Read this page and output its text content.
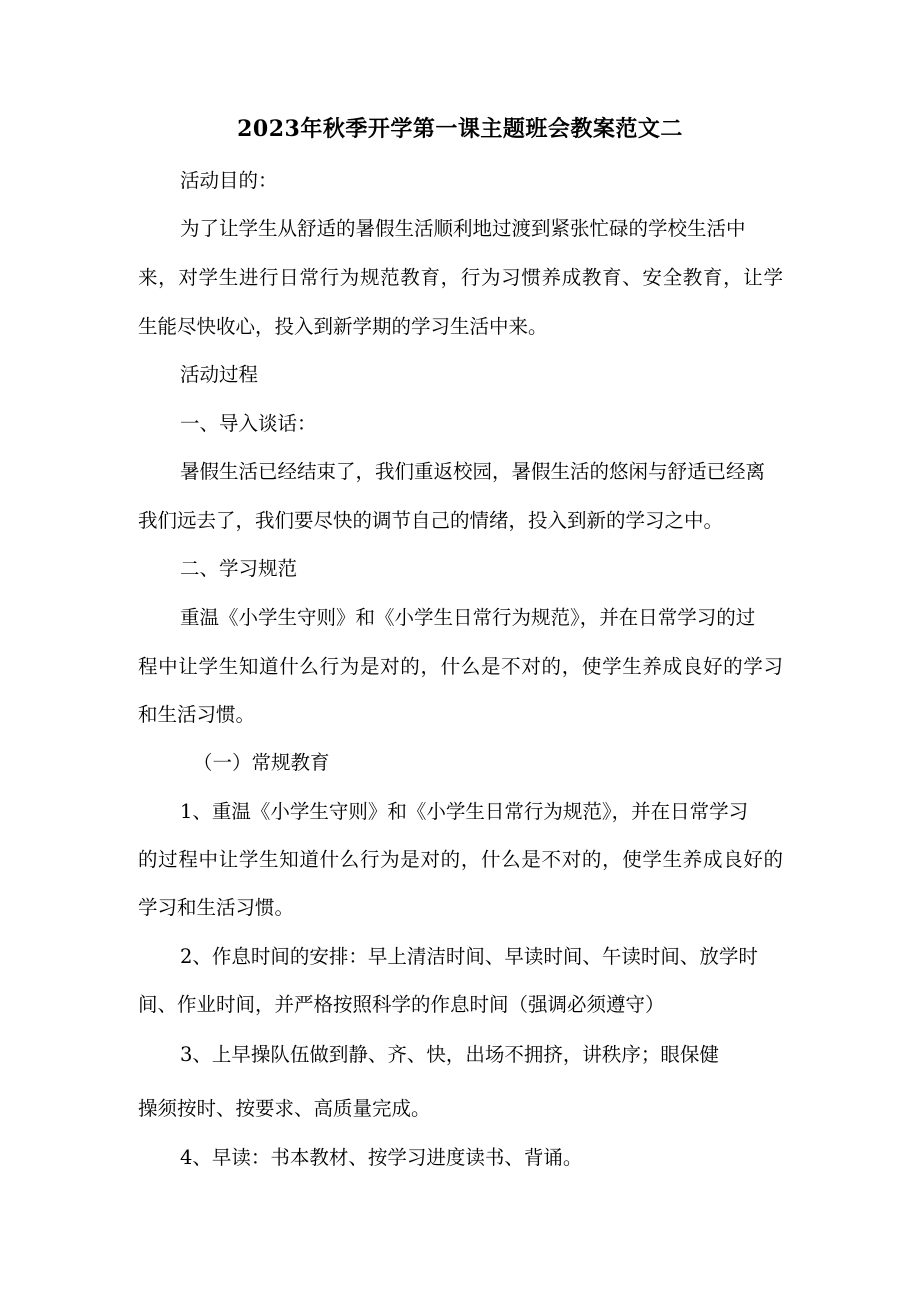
2023年秋季开学第一课主题班会教案范文二
活动目的：
为了让学生从舒适的暑假生活顺利地过渡到紧张忙碌的学校生活中
来，对学生进行日常行为规范教育，行为习惯养成教育、安全教育，让学
生能尽快收心，投入到新学期的学习生活中来。
活动过程
一、导入谈话：
暑假生活已经结束了，我们重返校园，暑假生活的悠闲与舒适已经离
我们远去了，我们要尽快的调节自己的情绪，投入到新的学习之中。
二、学习规范
重温《小学生守则》和《小学生日常行为规范》，并在日常学习的过
程中让学生知道什么行为是对的，什么是不对的，使学生养成良好的学习
和生活习惯。
（一）常规教育
1、重温《小学生守则》和《小学生日常行为规范》，并在日常学习
的过程中让学生知道什么行为是对的，什么是不对的，使学生养成良好的
学习和生活习惯。
2、作息时间的安排：早上清洁时间、早读时间、午读时间、放学时
间、作业时间，并严格按照科学的作息时间（强调必须遵守）
3、上早操队伍做到静、齐、快，出场不拥挤，讲秩序；眼保健
操须按时、按要求、高质量完成。
4、早读：书本教材、按学习进度读书、背诵。
